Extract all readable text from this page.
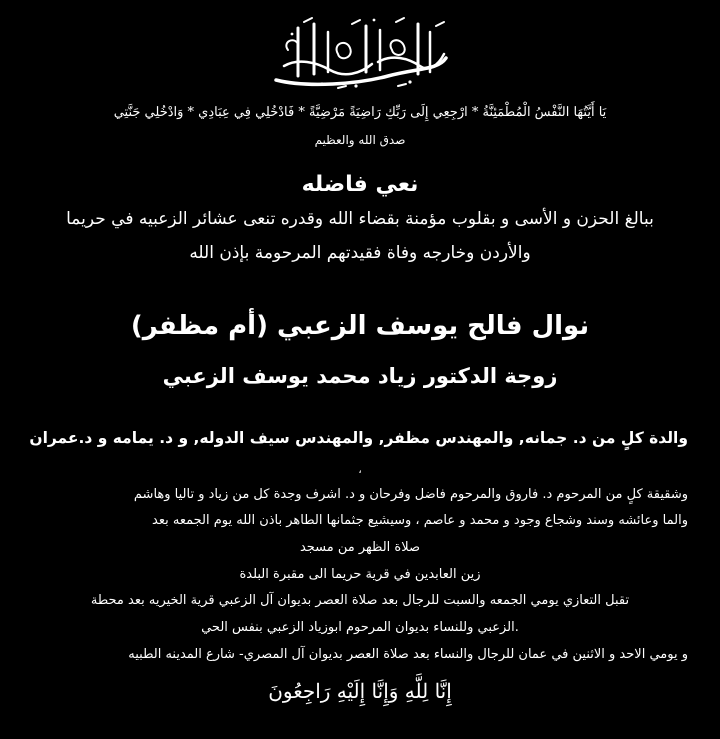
يَا أَيَّتُهَا النَّفْسُ الْمُطْمَئِنَّةُ * ارْجِعِي إِلَى رَبِّكِ رَاضِيَةً مَرْضِيَّةً * فَادْخُلِي فِي عِبَادِي * وَادْخُلِي جَنَّتِي
صدق الله والعظيم
نعي فاضله
ببالغ الحزن و الأسى و بقلوب مؤمنة بقضاء الله وقدره تنعى عشائر الزعبيه في حريما
والأردن وخارجه وفاة فقيدتهم المرحومة بإذن الله
نوال فالح يوسف الزعبي (أم مظفر)
زوجة الدكتور زياد محمد يوسف الزعبي
والدة كلٍ من د. جمانه, والمهندس مظفر, والمهندس سيف الدوله, و د. يمامه و د.عمران
،
وشقيقة كلٍ من المرحوم د. فاروق والمرحوم فاضل وفرحان و د. اشرف وجدة كل من زياد و تاليا وهاشم
والما وعائشه وسند وشجاع وجود و محمد و عاصم ، وسيشيع جثمانها الطاهر باذن الله يوم الجمعه بعد
صلاة الظهر من مسجد
زين العابدين في قرية حريما الى مقبرة البلدة
تقبل التعازي يومي الجمعه والسبت للرجال بعد صلاة العصر بديوان آل الزعبي قرية الخيريه بعد محطة
.الزعبي وللنساء بديوان المرحوم ابوزياد الزعبي بنفس الحي
و يومي الاحد و الاثنين في عمان للرجال والنساء بعد صلاة العصر بديوان آل المصري- شارع المدينه الطبيه
إِنَّا لِلَّهِ وَإِنَّا إِلَيْهِ رَاجِعُونَ
